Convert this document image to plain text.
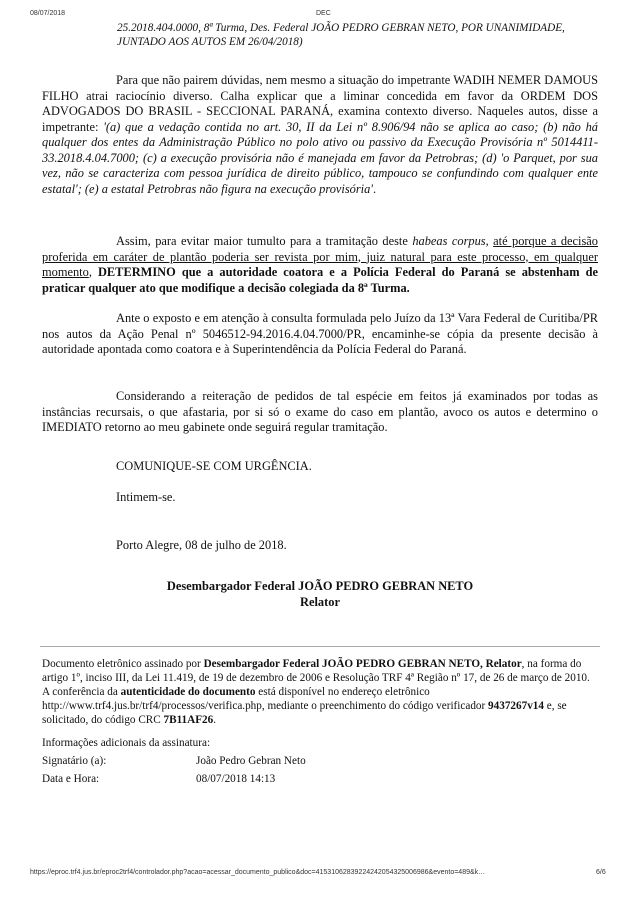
08/07/2018	DEC
25.2018.404.0000, 8ª Turma, Des. Federal JOÃO PEDRO GEBRAN NETO, POR UNANIMIDADE,
JUNTADO AOS AUTOS EM 26/04/2018)
Para que não pairem dúvidas, nem mesmo a situação do impetrante WADIH NEMER DAMOUS FILHO atrai raciocínio diverso. Calha explicar que a liminar concedida em favor da ORDEM DOS ADVOGADOS DO BRASIL - SECCIONAL PARANÁ, examina contexto diverso. Naqueles autos, disse a impetrante: '(a) que a vedação contida no art. 30, II da Lei nº 8.906/94 não se aplica ao caso; (b) não há qualquer dos entes da Administração Público no polo ativo ou passivo da Execução Provisória nº 5014411-33.2018.4.04.7000; (c) a execução provisória não é manejada em favor da Petrobras; (d) 'o Parquet, por sua vez, não se caracteriza com pessoa jurídica de direito público, tampouco se confundindo com qualquer ente estatal'; (e) a estatal Petrobras não figura na execução provisória'.
Assim, para evitar maior tumulto para a tramitação deste habeas corpus, até porque a decisão proferida em caráter de plantão poderia ser revista por mim, juiz natural para este processo, em qualquer momento, DETERMINO que a autoridade coatora e a Polícia Federal do Paraná se abstenham de praticar qualquer ato que modifique a decisão colegiada da 8ª Turma.
Ante o exposto e em atenção à consulta formulada pelo Juízo da 13ª Vara Federal de Curitiba/PR nos autos da Ação Penal nº 5046512-94.2016.4.04.7000/PR, encaminhe-se cópia da presente decisão à autoridade apontada como coatora e à Superintendência da Polícia Federal do Paraná.
Considerando a reiteração de pedidos de tal espécie em feitos já examinados por todas as instâncias recursais, o que afastaria, por si só o exame do caso em plantão, avoco os autos e determino o IMEDIATO retorno ao meu gabinete onde seguirá regular tramitação.
COMUNIQUE-SE COM URGÊNCIA.
Intimem-se.
Porto Alegre, 08 de julho de 2018.
Desembargador Federal JOÃO PEDRO GEBRAN NETO
Relator
Documento eletrônico assinado por Desembargador Federal JOÃO PEDRO GEBRAN NETO, Relator, na forma do artigo 1º, inciso III, da Lei 11.419, de 19 de dezembro de 2006 e Resolução TRF 4ª Região nº 17, de 26 de março de 2010. A conferência da autenticidade do documento está disponível no endereço eletrônico http://www.trf4.jus.br/trf4/processos/verifica.php, mediante o preenchimento do código verificador 9437267v14 e, se solicitado, do código CRC 7B11AF26.
Informações adicionais da assinatura:
Signatário (a):	João Pedro Gebran Neto
Data e Hora:	08/07/2018 14:13
https://eproc.trf4.jus.br/eproc2trf4/controlador.php?acao=acessar_documento_publico&doc=41531062839224242054325006986&evento=489&k…	6/6
